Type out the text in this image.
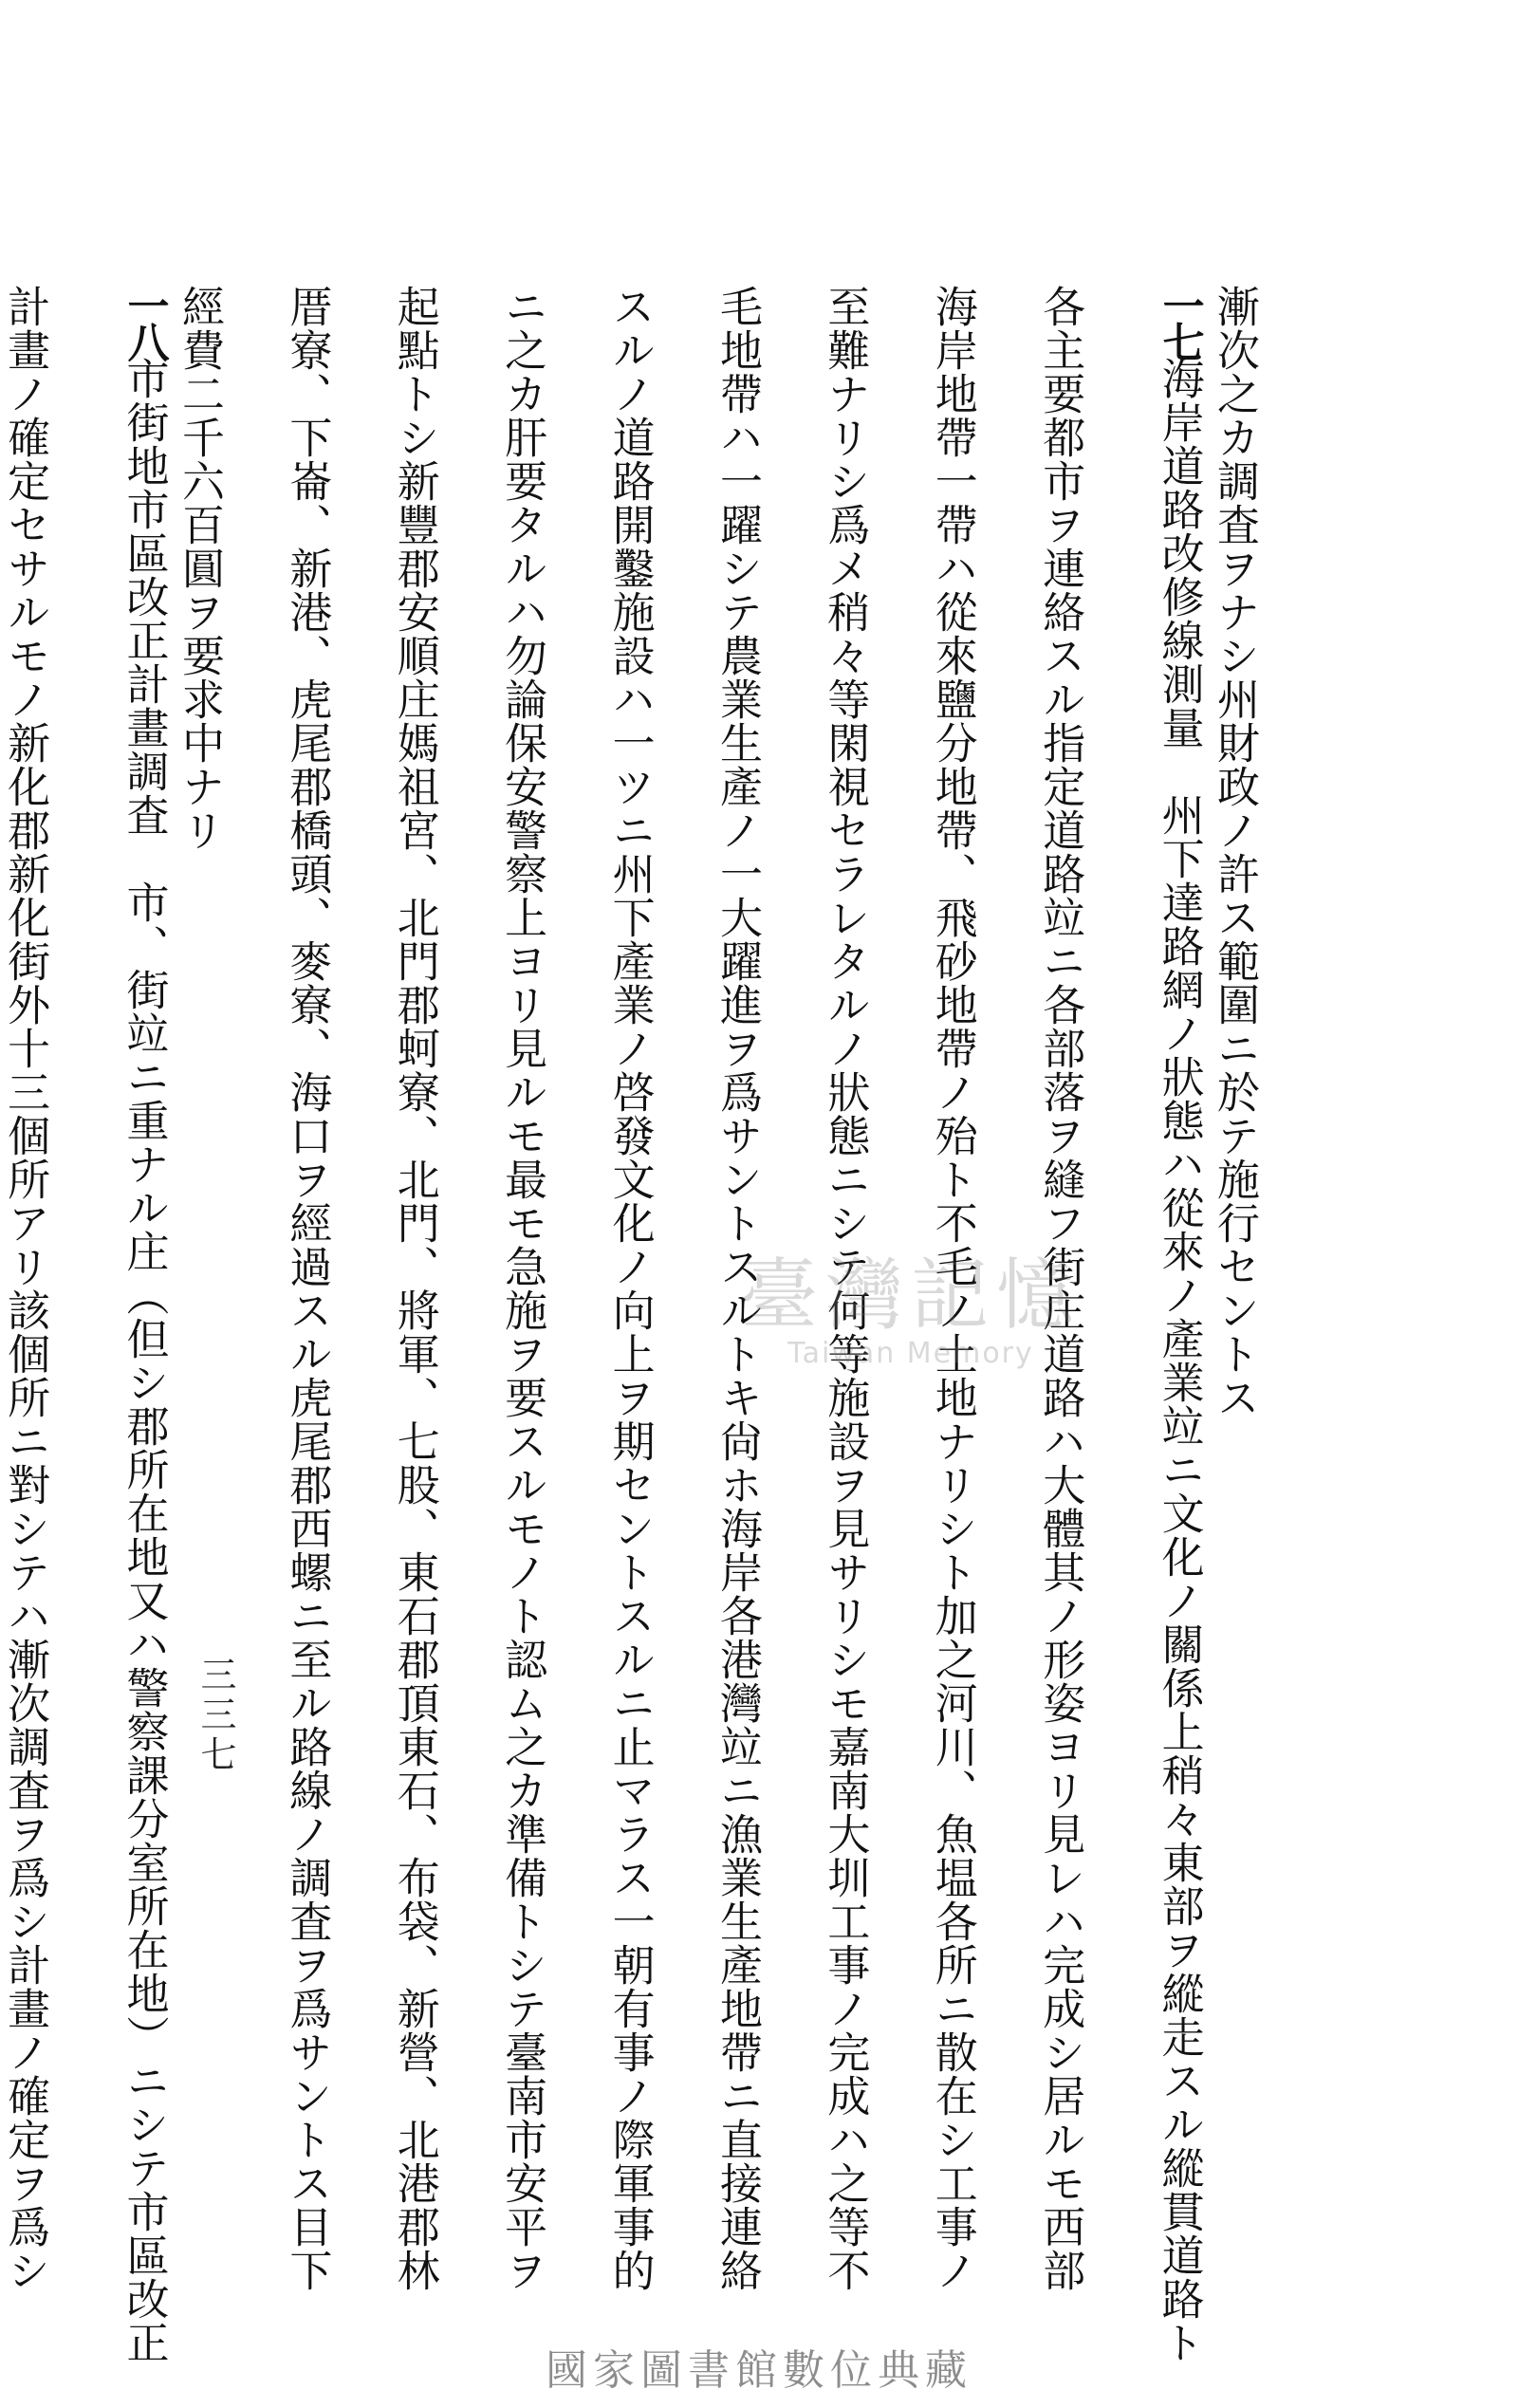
漸次之カ調査ヲナシ州財政ノ許ス範圍ニ於テ施行セントス
一七海岸道路改修線測量　州下達路網ノ狀態ハ從來ノ產業竝ニ文化ノ關係上稍々東部ヲ縱走スル縱貫道路ト
各主要都市ヲ連絡スル指定道路竝ニ各部落ヲ縫フ街庄道路ハ大體其ノ形姿ヨリ見レハ完成シ居ルモ西部
海岸地帶一帶ハ從來鹽分地帶、飛砂地帶ノ殆ト不毛ノ土地ナリシト加之河川、魚塭各所ニ散在シ工事ノ
至難ナリシ爲メ稍々等閑視セラレタルノ狀態ニシテ何等施設ヲ見サリシモ嘉南大圳工事ノ完成ハ之等不
毛地帶ハ一躍シテ農業生產ノ一大躍進ヲ爲サントスルトキ尙ホ海岸各港灣竝ニ漁業生產地帶ニ直接連絡
スルノ道路開鑿施設ハ一ツニ州下產業ノ啓發文化ノ向上ヲ期セントスルニ止マラス一朝有事ノ際軍事的
ニ之カ肝要タルハ勿論保安警察上ヨリ見ルモ最モ急施ヲ要スルモノト認ム之カ準備トシテ臺南市安平ヲ
起點トシ新豐郡安順庄媽祖宮、北門郡蚵寮、北門、將軍、七股、東石郡頂東石、布袋、新營、北港郡林
厝寮、下崙、新港、虎尾郡橋頭、麥寮、海口ヲ經過スル虎尾郡西螺ニ至ル路線ノ調査ヲ爲サントス目下
經費二千六百圓ヲ要求中ナリ
一八市街地市區改正計畫調査　市、街竝ニ重ナル庄（但シ郡所在地又ハ警察課分室所在地）ニシテ市區改正
計畫ノ確定セサルモノ新化郡新化街外十三個所アリ該個所ニ對シテハ漸次調査ヲ爲シ計畫ノ確定ヲ爲シ	臺灣記憶
Taiwan Memory
三三七
國家圖書館數位典藏
